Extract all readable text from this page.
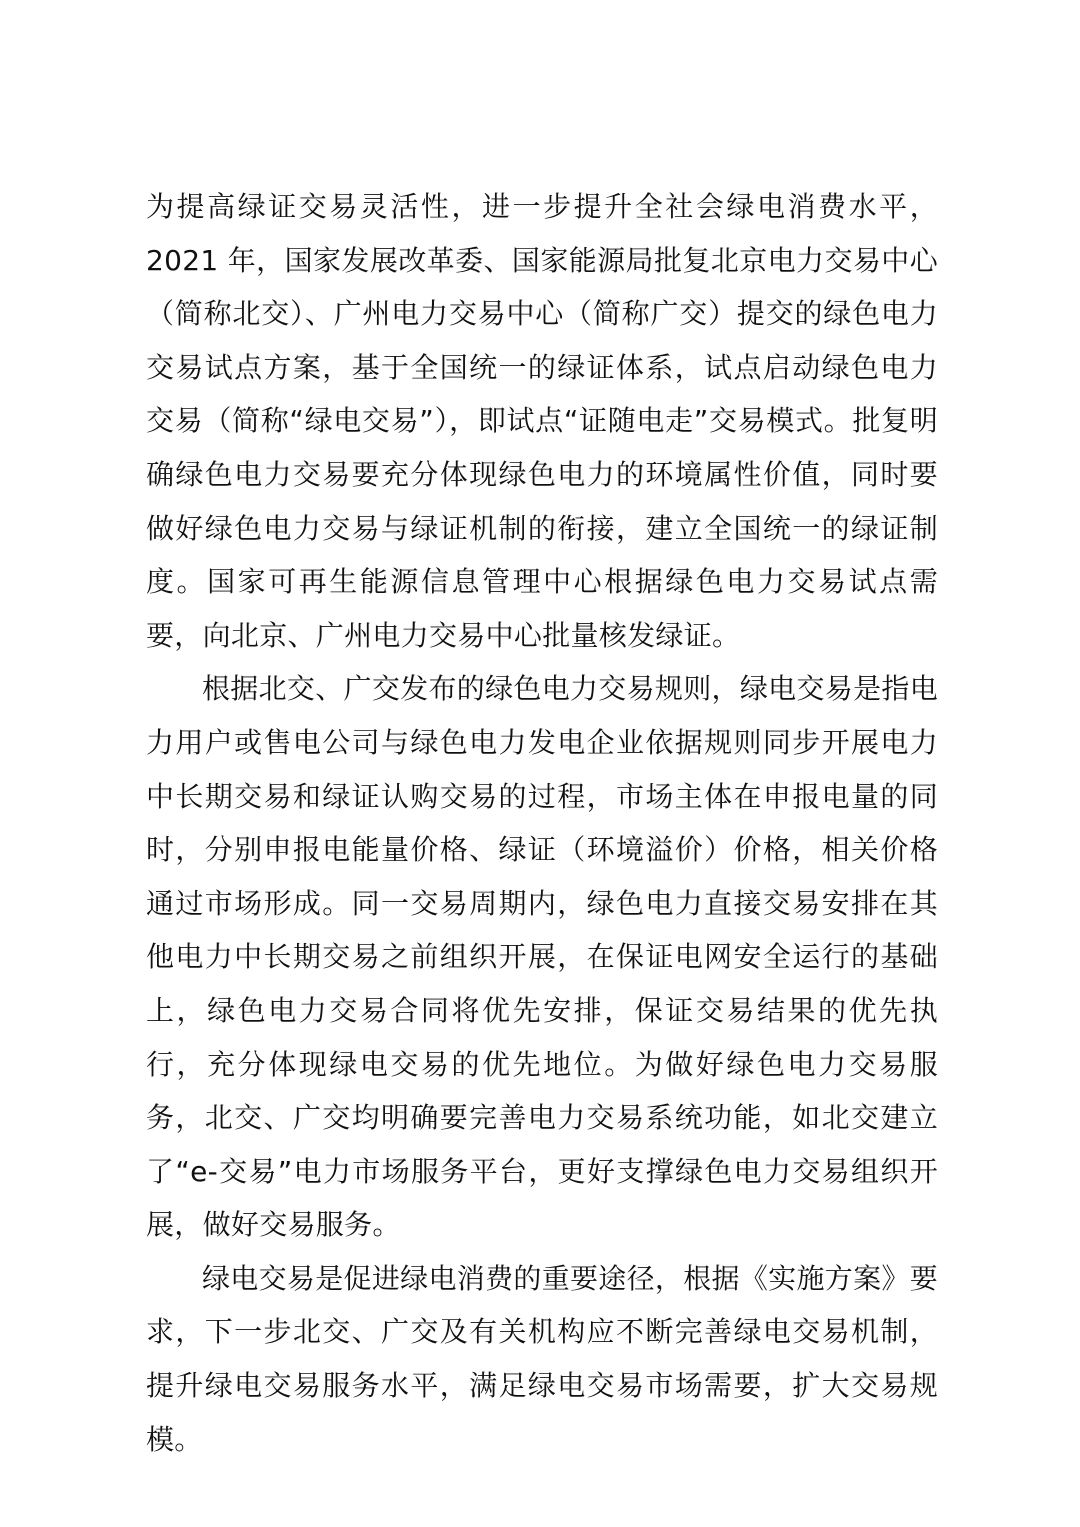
为提高绿证交易灵活性，进一步提升全社会绿电消费水平，2021 年，国家发展改革委、国家能源局批复北京电力交易中心（简称北交）、广州电力交易中心（简称广交）提交的绿色电力交易试点方案，基于全国统一的绿证体系，试点启动绿色电力交易（简称“绿电交易”），即试点“证随电走”交易模式。批复明确绿色电力交易要充分体现绿色电力的环境属性价值，同时要做好绿色电力交易与绿证机制的衔接，建立全国统一的绿证制度。国家可再生能源信息管理中心根据绿色电力交易试点需要，向北京、广州电力交易中心批量核发绿证。

根据北交、广交发布的绿色电力交易规则，绿电交易是指电力用户或售电公司与绿色电力发电企业依据规则同步开展电力中长期交易和绿证认购交易的过程，市场主体在申报电量的同时，分别申报电能量价格、绿证（环境溢价）价格，相关价格通过市场形成。同一交易周期内，绿色电力直接交易安排在其他电力中长期交易之前组织开展，在保证电网安全运行的基础上，绿色电力交易合同将优先安排，保证交易结果的优先执行，充分体现绿电交易的优先地位。为做好绿色电力交易服务，北交、广交均明确要完善电力交易系统功能，如北交建立了“e-交易”电力市场服务平台，更好支撑绿色电力交易组织开展，做好交易服务。

绿电交易是促进绿电消费的重要途径，根据《实施方案》要求，下一步北交、广交及有关机构应不断完善绿电交易机制，提升绿电交易服务水平，满足绿电交易市场需要，扩大交易规模。
